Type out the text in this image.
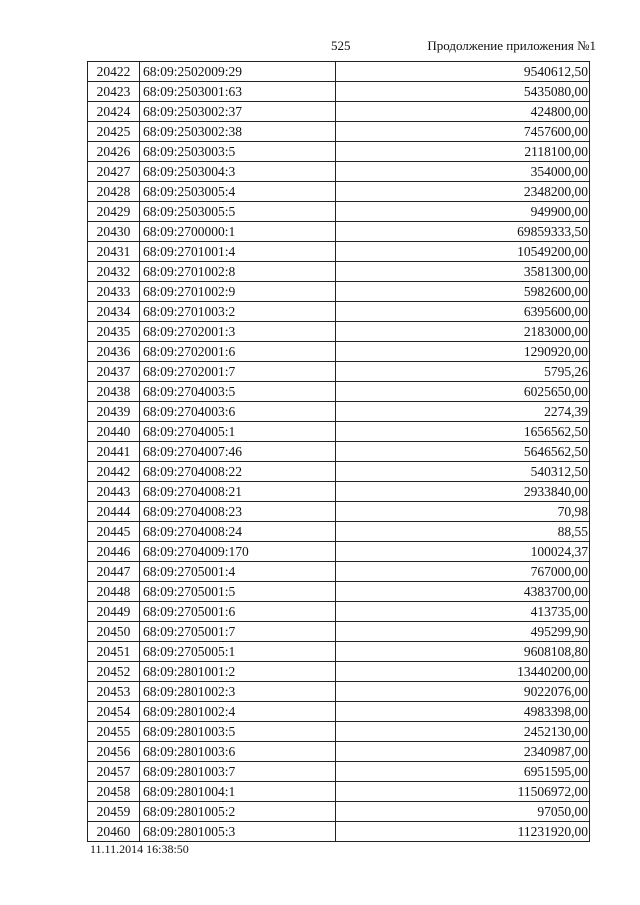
525	Продолжение приложения №1
20422	68:09:2502009:29	9540612,50
20423	68:09:2503001:63	5435080,00
20424	68:09:2503002:37	424800,00
20425	68:09:2503002:38	7457600,00
20426	68:09:2503003:5	2118100,00
20427	68:09:2503004:3	354000,00
20428	68:09:2503005:4	2348200,00
20429	68:09:2503005:5	949900,00
20430	68:09:2700000:1	69859333,50
20431	68:09:2701001:4	10549200,00
20432	68:09:2701002:8	3581300,00
20433	68:09:2701002:9	5982600,00
20434	68:09:2701003:2	6395600,00
20435	68:09:2702001:3	2183000,00
20436	68:09:2702001:6	1290920,00
20437	68:09:2702001:7	5795,26
20438	68:09:2704003:5	6025650,00
20439	68:09:2704003:6	2274,39
20440	68:09:2704005:1	1656562,50
20441	68:09:2704007:46	5646562,50
20442	68:09:2704008:22	540312,50
20443	68:09:2704008:21	2933840,00
20444	68:09:2704008:23	70,98
20445	68:09:2704008:24	88,55
20446	68:09:2704009:170	100024,37
20447	68:09:2705001:4	767000,00
20448	68:09:2705001:5	4383700,00
20449	68:09:2705001:6	413735,00
20450	68:09:2705001:7	495299,90
20451	68:09:2705005:1	9608108,80
20452	68:09:2801001:2	13440200,00
20453	68:09:2801002:3	9022076,00
20454	68:09:2801002:4	4983398,00
20455	68:09:2801003:5	2452130,00
20456	68:09:2801003:6	2340987,00
20457	68:09:2801003:7	6951595,00
20458	68:09:2801004:1	11506972,00
20459	68:09:2801005:2	97050,00
20460	68:09:2801005:3	11231920,00
11.11.2014 16:38:50
